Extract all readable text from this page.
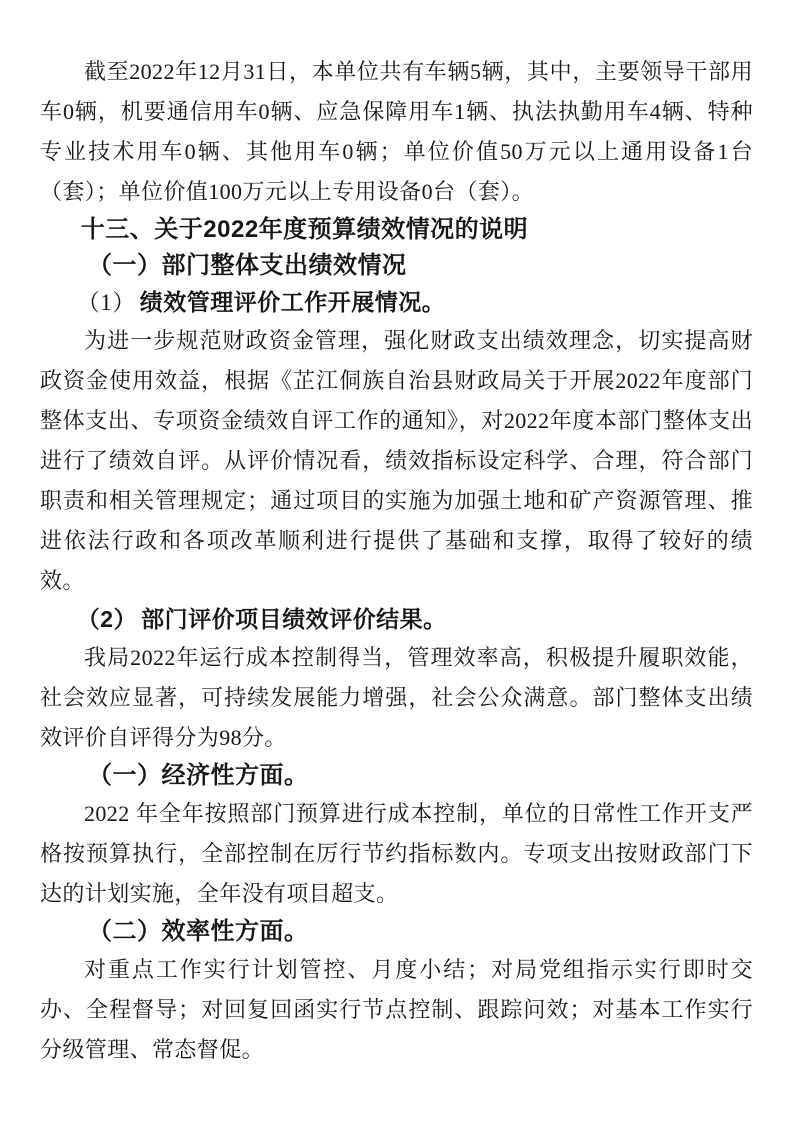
截至2022年12月31日，本单位共有车辆5辆，其中，主要领导干部用车0辆，机要通信用车0辆、应急保障用车1辆、执法执勤用车4辆、特种专业技术用车0辆、其他用车0辆；单位价值50万元以上通用设备1台（套）；单位价值100万元以上专用设备0台（套）。

十三、关于2022年度预算绩效情况的说明
（一）部门整体支出绩效情况
（1） 绩效管理评价工作开展情况。

为进一步规范财政资金管理，强化财政支出绩效理念，切实提高财政资金使用效益，根据《芷江侗族自治县财政局关于开展2022年度部门整体支出、专项资金绩效自评工作的通知》，对2022年度本部门整体支出进行了绩效自评。从评价情况看，绩效指标设定科学、合理，符合部门职责和相关管理规定；通过项目的实施为加强土地和矿产资源管理、推进依法行政和各项改革顺利进行提供了基础和支撑，取得了较好的绩效。

（2） 部门评价项目绩效评价结果。

我局2022年运行成本控制得当，管理效率高，积极提升履职效能，社会效应显著，可持续发展能力增强，社会公众满意。部门整体支出绩效评价自评得分为98分。

（一）经济性方面。

2022 年全年按照部门预算进行成本控制，单位的日常性工作开支严格按预算执行，全部控制在厉行节约指标数内。专项支出按财政部门下达的计划实施，全年没有项目超支。

（二）效率性方面。

对重点工作实行计划管控、月度小结；对局党组指示实行即时交办、全程督导；对回复回函实行节点控制、跟踪问效；对基本工作实行分级管理、常态督促。
